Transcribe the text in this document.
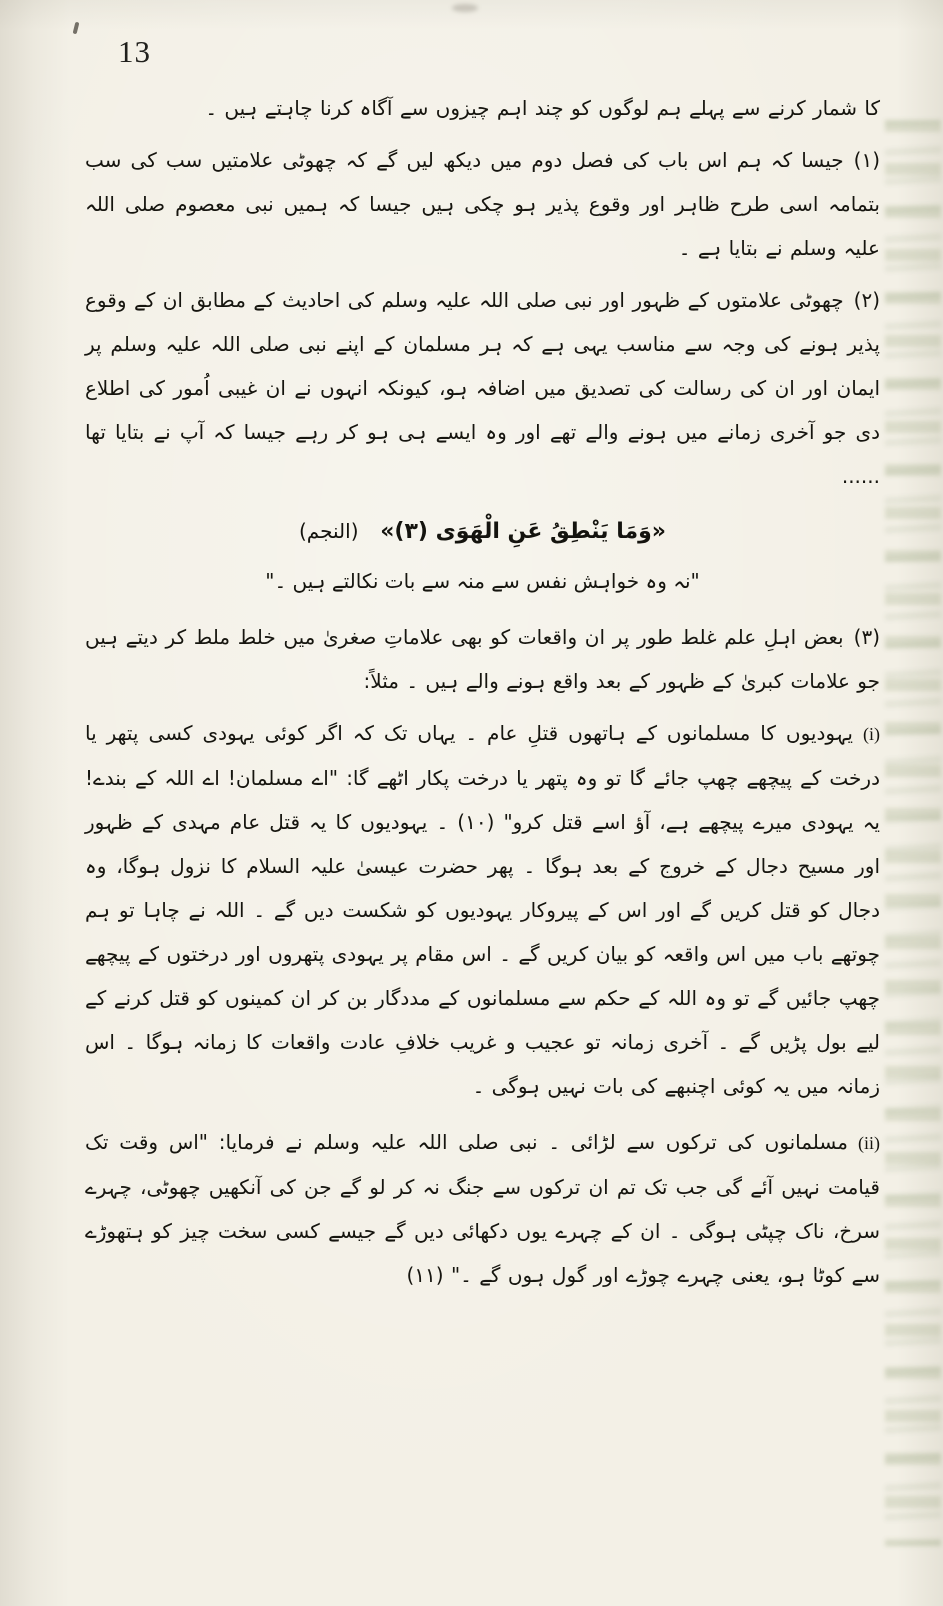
13

کا شمار کرنے سے پہلے ہم لوگوں کو چند اہم چیزوں سے آگاہ کرنا چاہتے ہیں ۔

(۱)جیسا کہ ہم اس باب کی فصل دوم میں دیکھ لیں گے کہ چھوٹی علامتیں سب کی سب بتمامہ اسی طرح ظاہر اور وقوع پذیر ہو چکی ہیں جیسا کہ ہمیں نبی معصوم صلی اللہ علیہ وسلم نے بتایا ہے ۔

(۲)چھوٹی علامتوں کے ظہور اور نبی صلی اللہ علیہ وسلم کی احادیث کے مطابق ان کے وقوع پذیر ہونے کی وجہ سے مناسب یہی ہے کہ ہر مسلمان کے اپنے نبی صلی اللہ علیہ وسلم پر ایمان اور ان کی رسالت کی تصدیق میں اضافہ ہو، کیونکہ انہوں نے ان غیبی اُمور کی اطلاع دی جو آخری زمانے میں ہونے والے تھے اور وہ ایسے ہی ہو کر رہے جیسا کہ آپ نے بتایا تھا ......

«وَمَا يَنْطِقُ عَنِ الْهَوَى (٣)» (النجم)

"نہ وہ خواہش نفس سے منہ سے بات نکالتے ہیں ۔"

(۳)بعض اہلِ علم غلط طور پر ان واقعات کو بھی علاماتِ صغریٰ میں خلط ملط کر دیتے ہیں جو علامات کبریٰ کے ظہور کے بعد واقع ہونے والے ہیں ۔ مثلاً:

(i)یہودیوں کا مسلمانوں کے ہاتھوں قتلِ عام ۔ یہاں تک کہ اگر کوئی یہودی کسی پتھر یا درخت کے پیچھے چھپ جائے گا تو وہ پتھر یا درخت پکار اٹھے گا: "اے مسلمان! اے اللہ کے بندے! یہ یہودی میرے پیچھے ہے، آؤ اسے قتل کرو" (۱۰) ۔ یہودیوں کا یہ قتل عام مہدی کے ظہور اور مسیح دجال کے خروج کے بعد ہوگا ۔ پھر حضرت عیسیٰ علیہ السلام کا نزول ہوگا، وہ دجال کو قتل کریں گے اور اس کے پیروکار یہودیوں کو شکست دیں گے ۔ اللہ نے چاہا تو ہم چوتھے باب میں اس واقعہ کو بیان کریں گے ۔ اس مقام پر یہودی پتھروں اور درختوں کے پیچھے چھپ جائیں گے تو وہ اللہ کے حکم سے مسلمانوں کے مددگار بن کر ان کمینوں کو قتل کرنے کے لیے بول پڑیں گے ۔ آخری زمانہ تو عجیب و غریب خلافِ عادت واقعات کا زمانہ ہوگا ۔ اس زمانہ میں یہ کوئی اچنبھے کی بات نہیں ہوگی ۔

(ii)مسلمانوں کی ترکوں سے لڑائی ۔ نبی صلی اللہ علیہ وسلم نے فرمایا: "اس وقت تک قیامت نہیں آئے گی جب تک تم ان ترکوں سے جنگ نہ کر لو گے جن کی آنکھیں چھوٹی، چہرے سرخ، ناک چپٹی ہوگی ۔ ان کے چہرے یوں دکھائی دیں گے جیسے کسی سخت چیز کو ہتھوڑے سے کوٹا ہو، یعنی چہرے چوڑے اور گول ہوں گے ۔" (۱۱)
